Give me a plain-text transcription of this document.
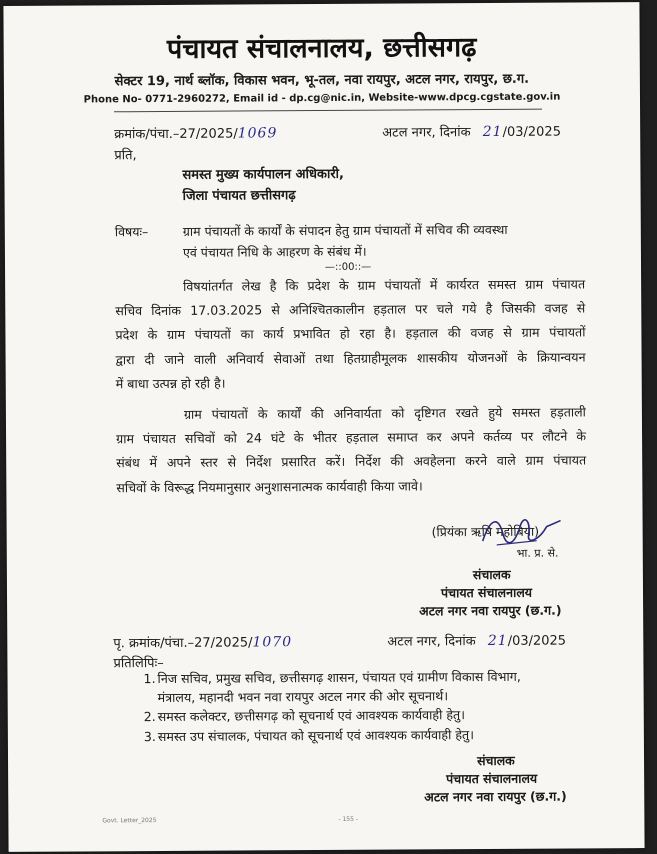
पंचायत संचालनालय, छत्तीसगढ़
सेक्टर 19, नार्थ ब्लॉक, विकास भवन, भू-तल, नवा रायपुर, अटल नगर, रायपुर, छ.ग.
Phone No- 0771-2960272, Email id - dp.cg@nic.in, Website-www.dpcg.cgstate.gov.in
क्रमांक/पंचा.–27/2025/1069	अटल नगर, दिनांक 21/03/2025
प्रति,
समस्त मुख्य कार्यपालन अधिकारी,
जिला पंचायत छत्तीसगढ़
विषयः–	ग्राम पंचायतों के कार्यों के संपादन हेतु ग्राम पंचायतों में सचिव की व्यवस्था
एवं पंचायत निधि के आहरण के संबंध में।
—::00::—
विषयांतर्गत लेख है कि प्रदेश के ग्राम पंचायतों में कार्यरत समस्त ग्राम पंचायत
सचिव दिनांक 17.03.2025 से अनिश्चितकालीन हड़ताल पर चले गये है जिसकी वजह से
प्रदेश के ग्राम पंचायतों का कार्य प्रभावित हो रहा है। हड़ताल की वजह से ग्राम पंचायतों
द्वारा दी जाने वाली अनिवार्य सेवाओं तथा हितग्राहीमूलक शासकीय योजनओं के क्रियान्वयन
में बाधा उत्पन्न हो रही है।
ग्राम पंचायतों के कार्यों की अनिवार्यता को दृष्टिगत रखते हुये समस्त हड़ताली
ग्राम पंचायत सचिवों को 24 घंटे के भीतर हड़ताल समाप्त कर अपने कर्तव्य पर लौटने के
संबंध में अपने स्तर से निर्देश प्रसारित करें। निर्देश की अवहेलना करने वाले ग्राम पंचायत
सचिवों के विरूद्ध नियमानुसार अनुशासनात्मक कार्यवाही किया जावे।
(प्रियंका ऋषि महोबिया)
भा. प्र. से.
संचालक
पंचायत संचालनालय
अटल नगर नवा रायपुर (छ.ग.)
पृ. क्रमांक/पंचा.–27/2025/1070	अटल नगर, दिनांक 21/03/2025
प्रतिलिपिः–
1. निज सचिव, प्रमुख सचिव, छत्तीसगढ़ शासन, पंचायत एवं ग्रामीण विकास विभाग,
मंत्रालय, महानदी भवन नवा रायपुर अटल नगर की ओर सूचनार्थ।
2. समस्त कलेक्टर, छत्तीसगढ़ को सूचनार्थ एवं आवश्यक कार्यवाही हेतु।
3. समस्त उप संचालक, पंचायत को सूचनार्थ एवं आवश्यक कार्यवाही हेतु।
संचालक
पंचायत संचालनालय
अटल नगर नवा रायपुर (छ.ग.)
Govt. Letter_2025	- 155 -
